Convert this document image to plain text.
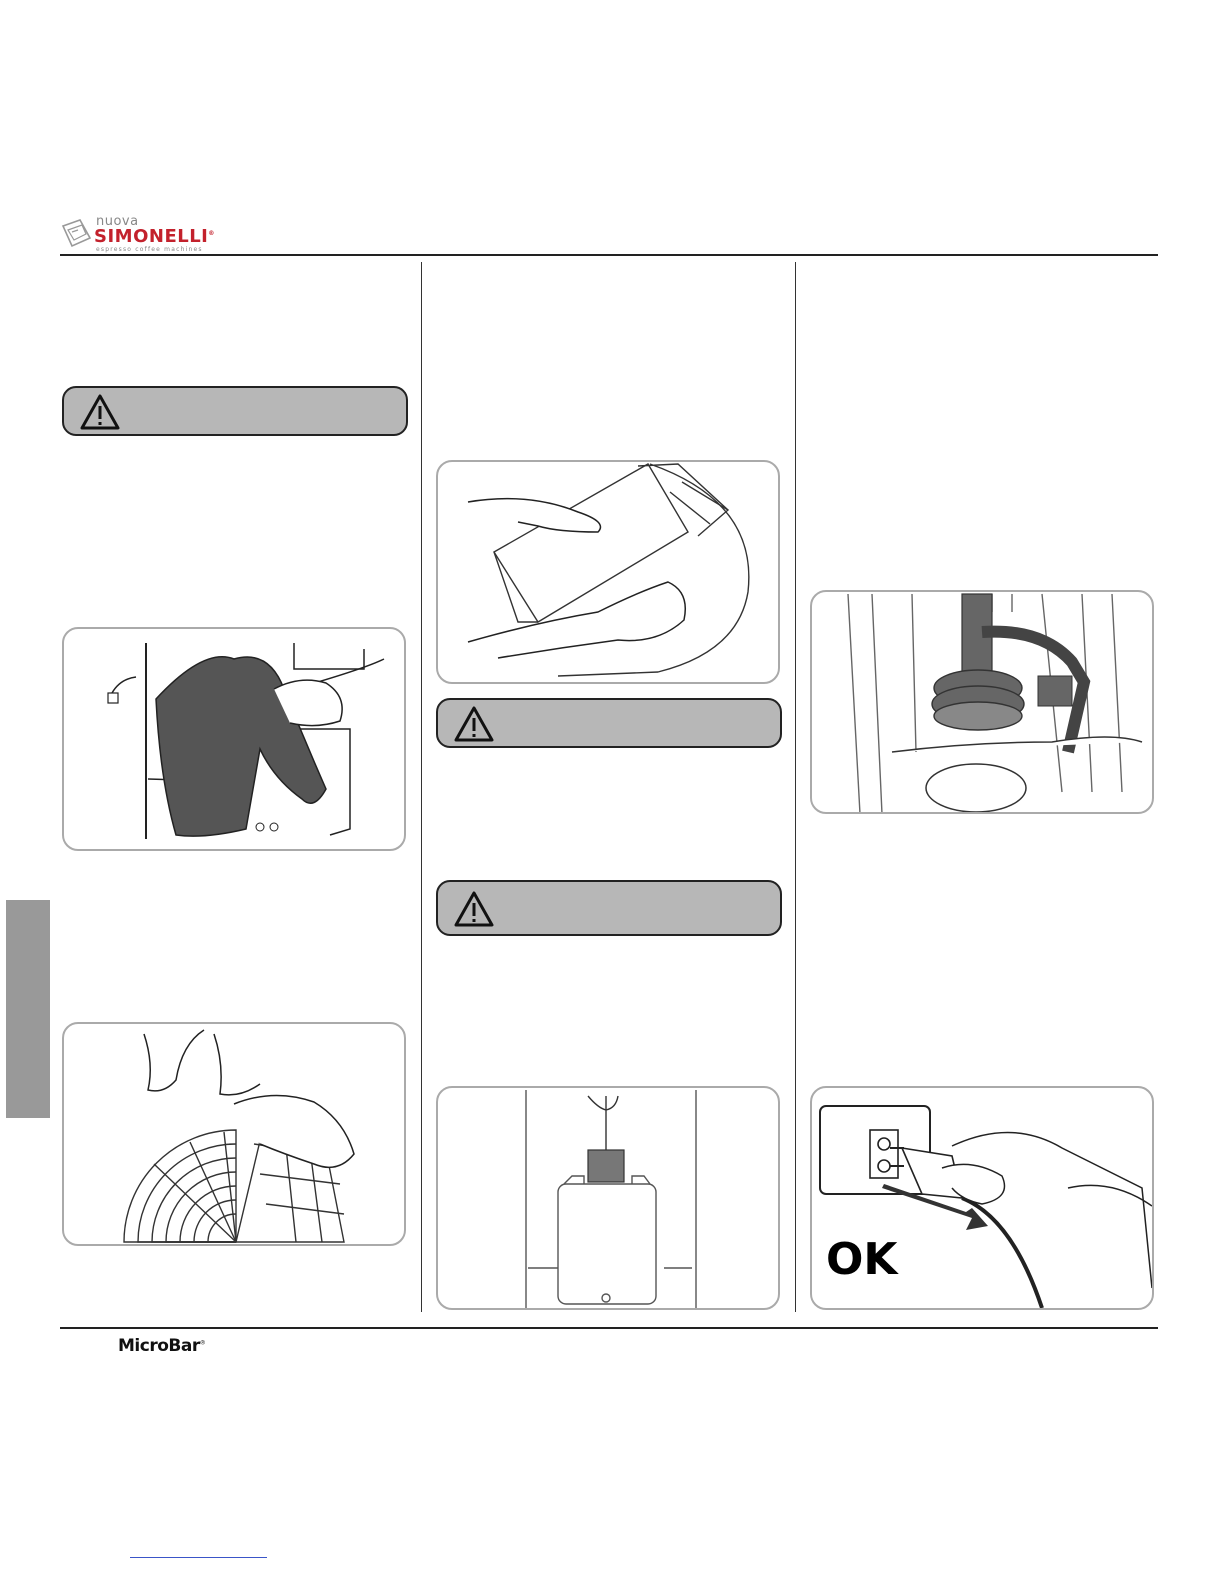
nuova
SIMONELLI®
espresso coffee machines
OK
MicroBar®
